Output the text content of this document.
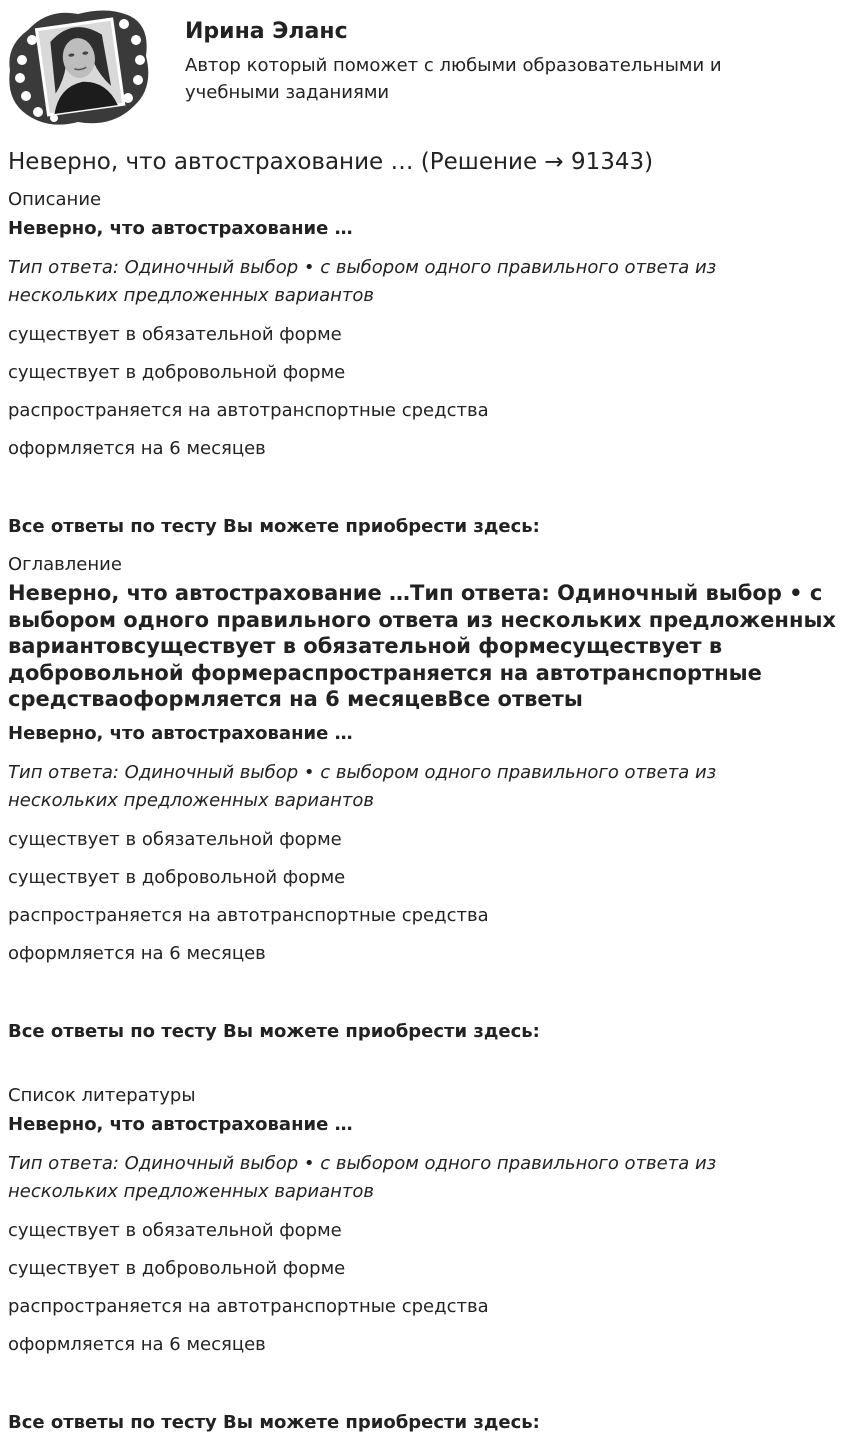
Ирина Эланс
Автор который поможет с любыми образовательными и учебными заданиями
Неверно, что автострахование … (Решение → 91343)

Описание

Неверно, что автострахование …

Тип ответа: Одиночный выбор • с выбором одного правильного ответа из нескольких предложенных вариантов

существует в обязательной форме

существует в добровольной форме

распространяется на автотранспортные средства

оформляется на 6 месяцев

Все ответы по тесту Вы можете приобрести здесь:

Оглавление

Неверно, что автострахование …Тип ответа: Одиночный выбор • с выбором одного правильного ответа из нескольких предложенных вариантовсуществует в обязательной формесуществует в добровольной формераспространяется на автотранспортные средстваоформляется на 6 месяцевВсе ответы

Неверно, что автострахование …

Тип ответа: Одиночный выбор • с выбором одного правильного ответа из нескольких предложенных вариантов

существует в обязательной форме

существует в добровольной форме

распространяется на автотранспортные средства

оформляется на 6 месяцев

Все ответы по тесту Вы можете приобрести здесь:

Список литературы

Неверно, что автострахование …

Тип ответа: Одиночный выбор • с выбором одного правильного ответа из нескольких предложенных вариантов

существует в обязательной форме

существует в добровольной форме

распространяется на автотранспортные средства

оформляется на 6 месяцев

Все ответы по тесту Вы можете приобрести здесь:
